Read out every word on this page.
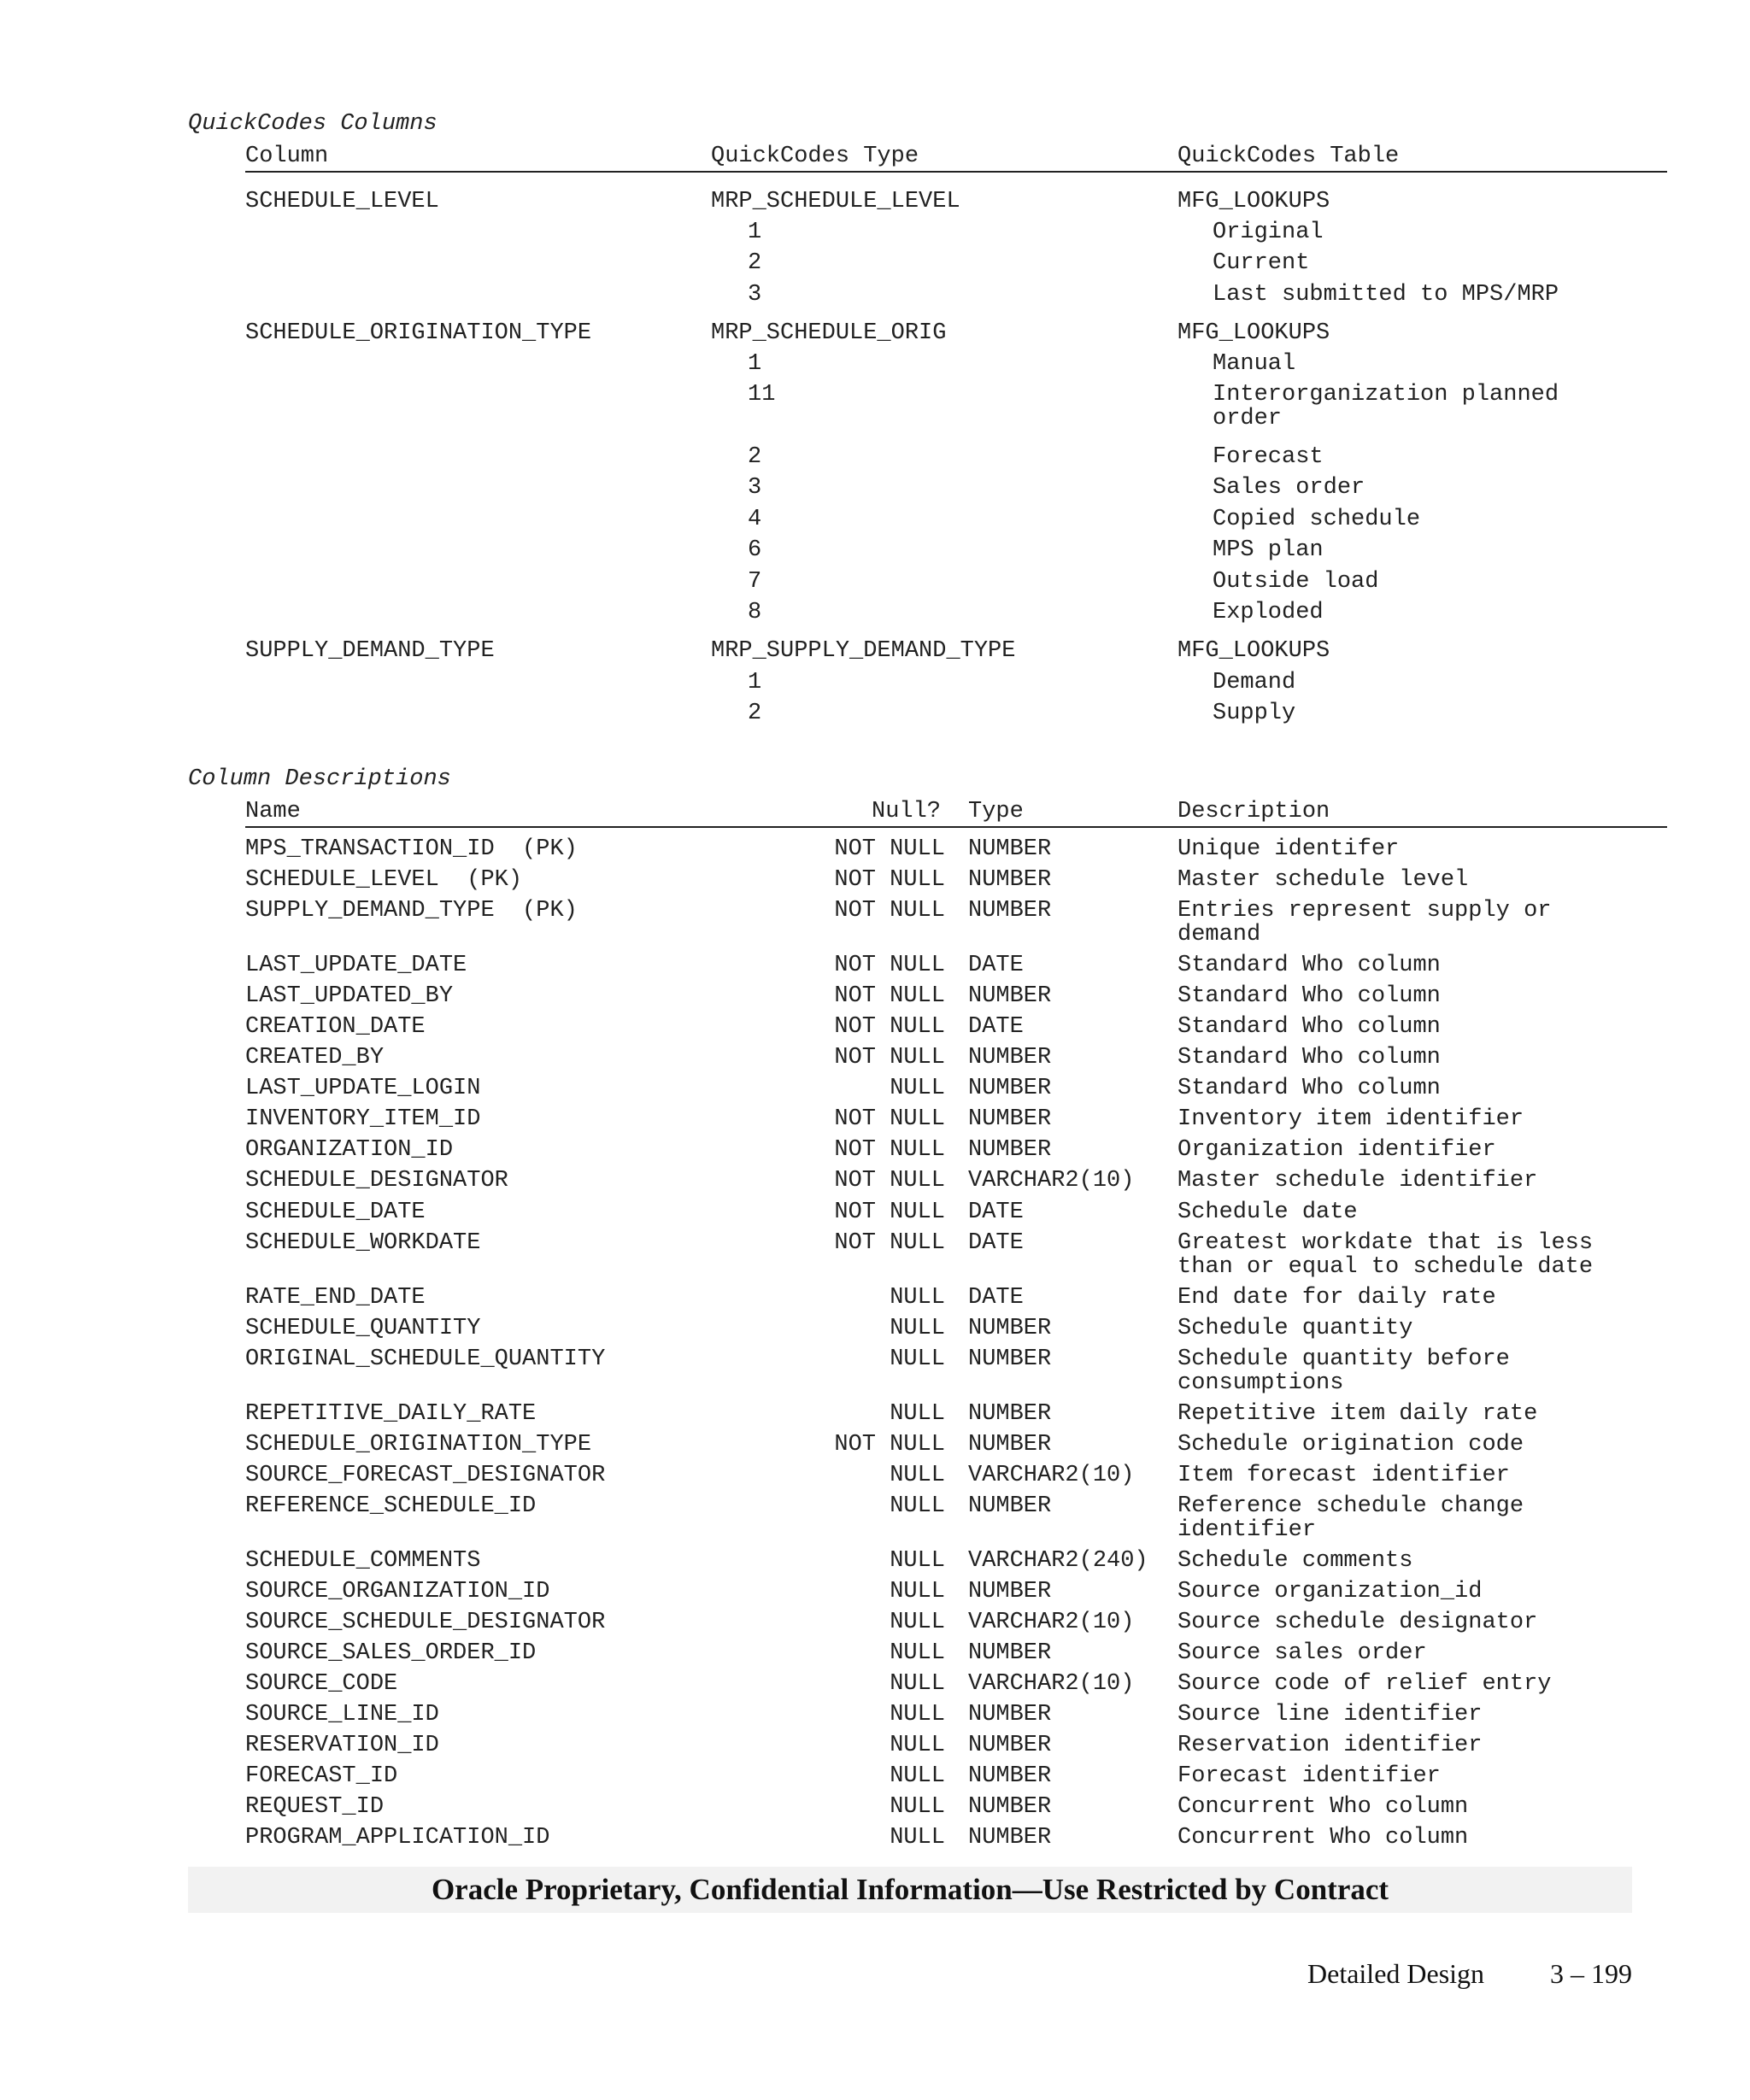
QuickCodes Columns
Column	QuickCodes Type	QuickCodes Table
SCHEDULE_LEVEL	MRP_SCHEDULE_LEVEL	MFG_LOOKUPS
1	Original
2	Current
3	Last submitted to MPS/MRP
SCHEDULE_ORIGINATION_TYPE	MRP_SCHEDULE_ORIG	MFG_LOOKUPS
1	Manual
11	Interorganization planned order
2	Forecast
3	Sales order
4	Copied schedule
6	MPS plan
7	Outside load
8	Exploded
SUPPLY_DEMAND_TYPE	MRP_SUPPLY_DEMAND_TYPE	MFG_LOOKUPS
1	Demand
2	Supply
Column Descriptions
Name	Null? Type	Description
MPS_TRANSACTION_ID  (PK)	NOT NULL NUMBER	Unique identifer
SCHEDULE_LEVEL  (PK)	NOT NULL NUMBER	Master schedule level
SUPPLY_DEMAND_TYPE  (PK)	NOT NULL NUMBER	Entries represent supply or demand
LAST_UPDATE_DATE	NOT NULL DATE	Standard Who column
LAST_UPDATED_BY	NOT NULL NUMBER	Standard Who column
CREATION_DATE	NOT NULL DATE	Standard Who column
CREATED_BY	NOT NULL NUMBER	Standard Who column
LAST_UPDATE_LOGIN	NULL NUMBER	Standard Who column
INVENTORY_ITEM_ID	NOT NULL NUMBER	Inventory item identifier
ORGANIZATION_ID	NOT NULL NUMBER	Organization identifier
SCHEDULE_DESIGNATOR	NOT NULL VARCHAR2(10) Master schedule identifier
SCHEDULE_DATE	NOT NULL DATE	Schedule date
SCHEDULE_WORKDATE	NOT NULL DATE	Greatest workdate that is less than or equal to schedule date
RATE_END_DATE	NULL DATE	End date for daily rate
SCHEDULE_QUANTITY	NULL NUMBER	Schedule quantity
ORIGINAL_SCHEDULE_QUANTITY	NULL NUMBER	Schedule quantity before consumptions
REPETITIVE_DAILY_RATE	NULL NUMBER	Repetitive item daily rate
SCHEDULE_ORIGINATION_TYPE	NOT NULL NUMBER	Schedule origination code
SOURCE_FORECAST_DESIGNATOR	NULL VARCHAR2(10) Item forecast identifier
REFERENCE_SCHEDULE_ID	NULL NUMBER	Reference schedule change identifier
SCHEDULE_COMMENTS	NULL VARCHAR2(240) Schedule comments
SOURCE_ORGANIZATION_ID	NULL NUMBER	Source organization_id
SOURCE_SCHEDULE_DESIGNATOR	NULL VARCHAR2(10) Source schedule designator
SOURCE_SALES_ORDER_ID	NULL NUMBER	Source sales order
SOURCE_CODE	NULL VARCHAR2(10) Source code of relief entry
SOURCE_LINE_ID	NULL NUMBER	Source line identifier
RESERVATION_ID	NULL NUMBER	Reservation identifier
FORECAST_ID	NULL NUMBER	Forecast identifier
REQUEST_ID	NULL NUMBER	Concurrent Who column
PROGRAM_APPLICATION_ID	NULL NUMBER	Concurrent Who column
Oracle Proprietary, Confidential Information––Use Restricted by Contract
Detailed Design 3 – 199
